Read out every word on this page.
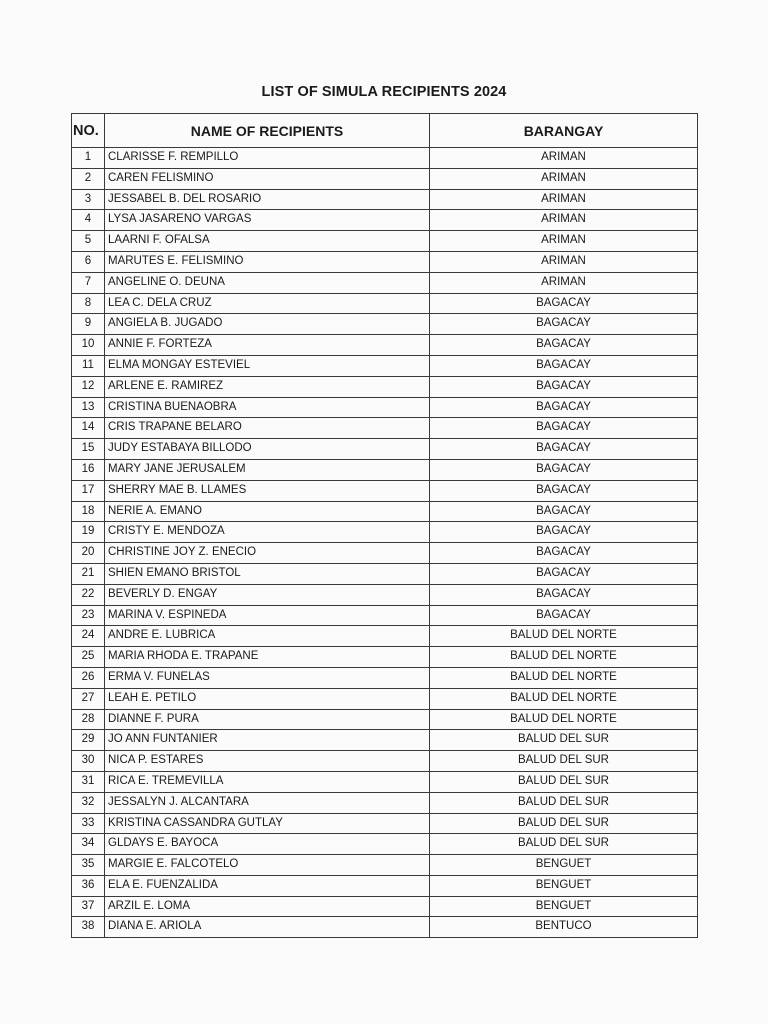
LIST OF SIMULA RECIPIENTS 2024
NO.	NAME OF RECIPIENTS	BARANGAY
1	CLARISSE F. REMPILLO	ARIMAN
2	CAREN FELISMINO	ARIMAN
3	JESSABEL B. DEL ROSARIO	ARIMAN
4	LYSA JASARENO VARGAS	ARIMAN
5	LAARNI F. OFALSA	ARIMAN
6	MARUTES E. FELISMINO	ARIMAN
7	ANGELINE O. DEUNA	ARIMAN
8	LEA C. DELA CRUZ	BAGACAY
9	ANGIELA B. JUGADO	BAGACAY
10	ANNIE F. FORTEZA	BAGACAY
11	ELMA MONGAY ESTEVIEL	BAGACAY
12	ARLENE E. RAMIREZ	BAGACAY
13	CRISTINA BUENAOBRA	BAGACAY
14	CRIS TRAPANE BELARO	BAGACAY
15	JUDY ESTABAYA BILLODO	BAGACAY
16	MARY JANE JERUSALEM	BAGACAY
17	SHERRY MAE B. LLAMES	BAGACAY
18	NERIE A. EMANO	BAGACAY
19	CRISTY E. MENDOZA	BAGACAY
20	CHRISTINE JOY Z. ENECIO	BAGACAY
21	SHIEN EMANO BRISTOL	BAGACAY
22	BEVERLY D. ENGAY	BAGACAY
23	MARINA V. ESPINEDA	BAGACAY
24	ANDRE E. LUBRICA	BALUD DEL NORTE
25	MARIA RHODA E. TRAPANE	BALUD DEL NORTE
26	ERMA V. FUNELAS	BALUD DEL NORTE
27	LEAH E. PETILO	BALUD DEL NORTE
28	DIANNE F. PURA	BALUD DEL NORTE
29	JO ANN FUNTANIER	BALUD DEL SUR
30	NICA P. ESTARES	BALUD DEL SUR
31	RICA E. TREMEVILLA	BALUD DEL SUR
32	JESSALYN J. ALCANTARA	BALUD DEL SUR
33	KRISTINA CASSANDRA GUTLAY	BALUD DEL SUR
34	GLDAYS E. BAYOCA	BALUD DEL SUR
35	MARGIE E. FALCOTELO	BENGUET
36	ELA E. FUENZALIDA	BENGUET
37	ARZIL E. LOMA	BENGUET
38	DIANA E. ARIOLA	BENTUCO
